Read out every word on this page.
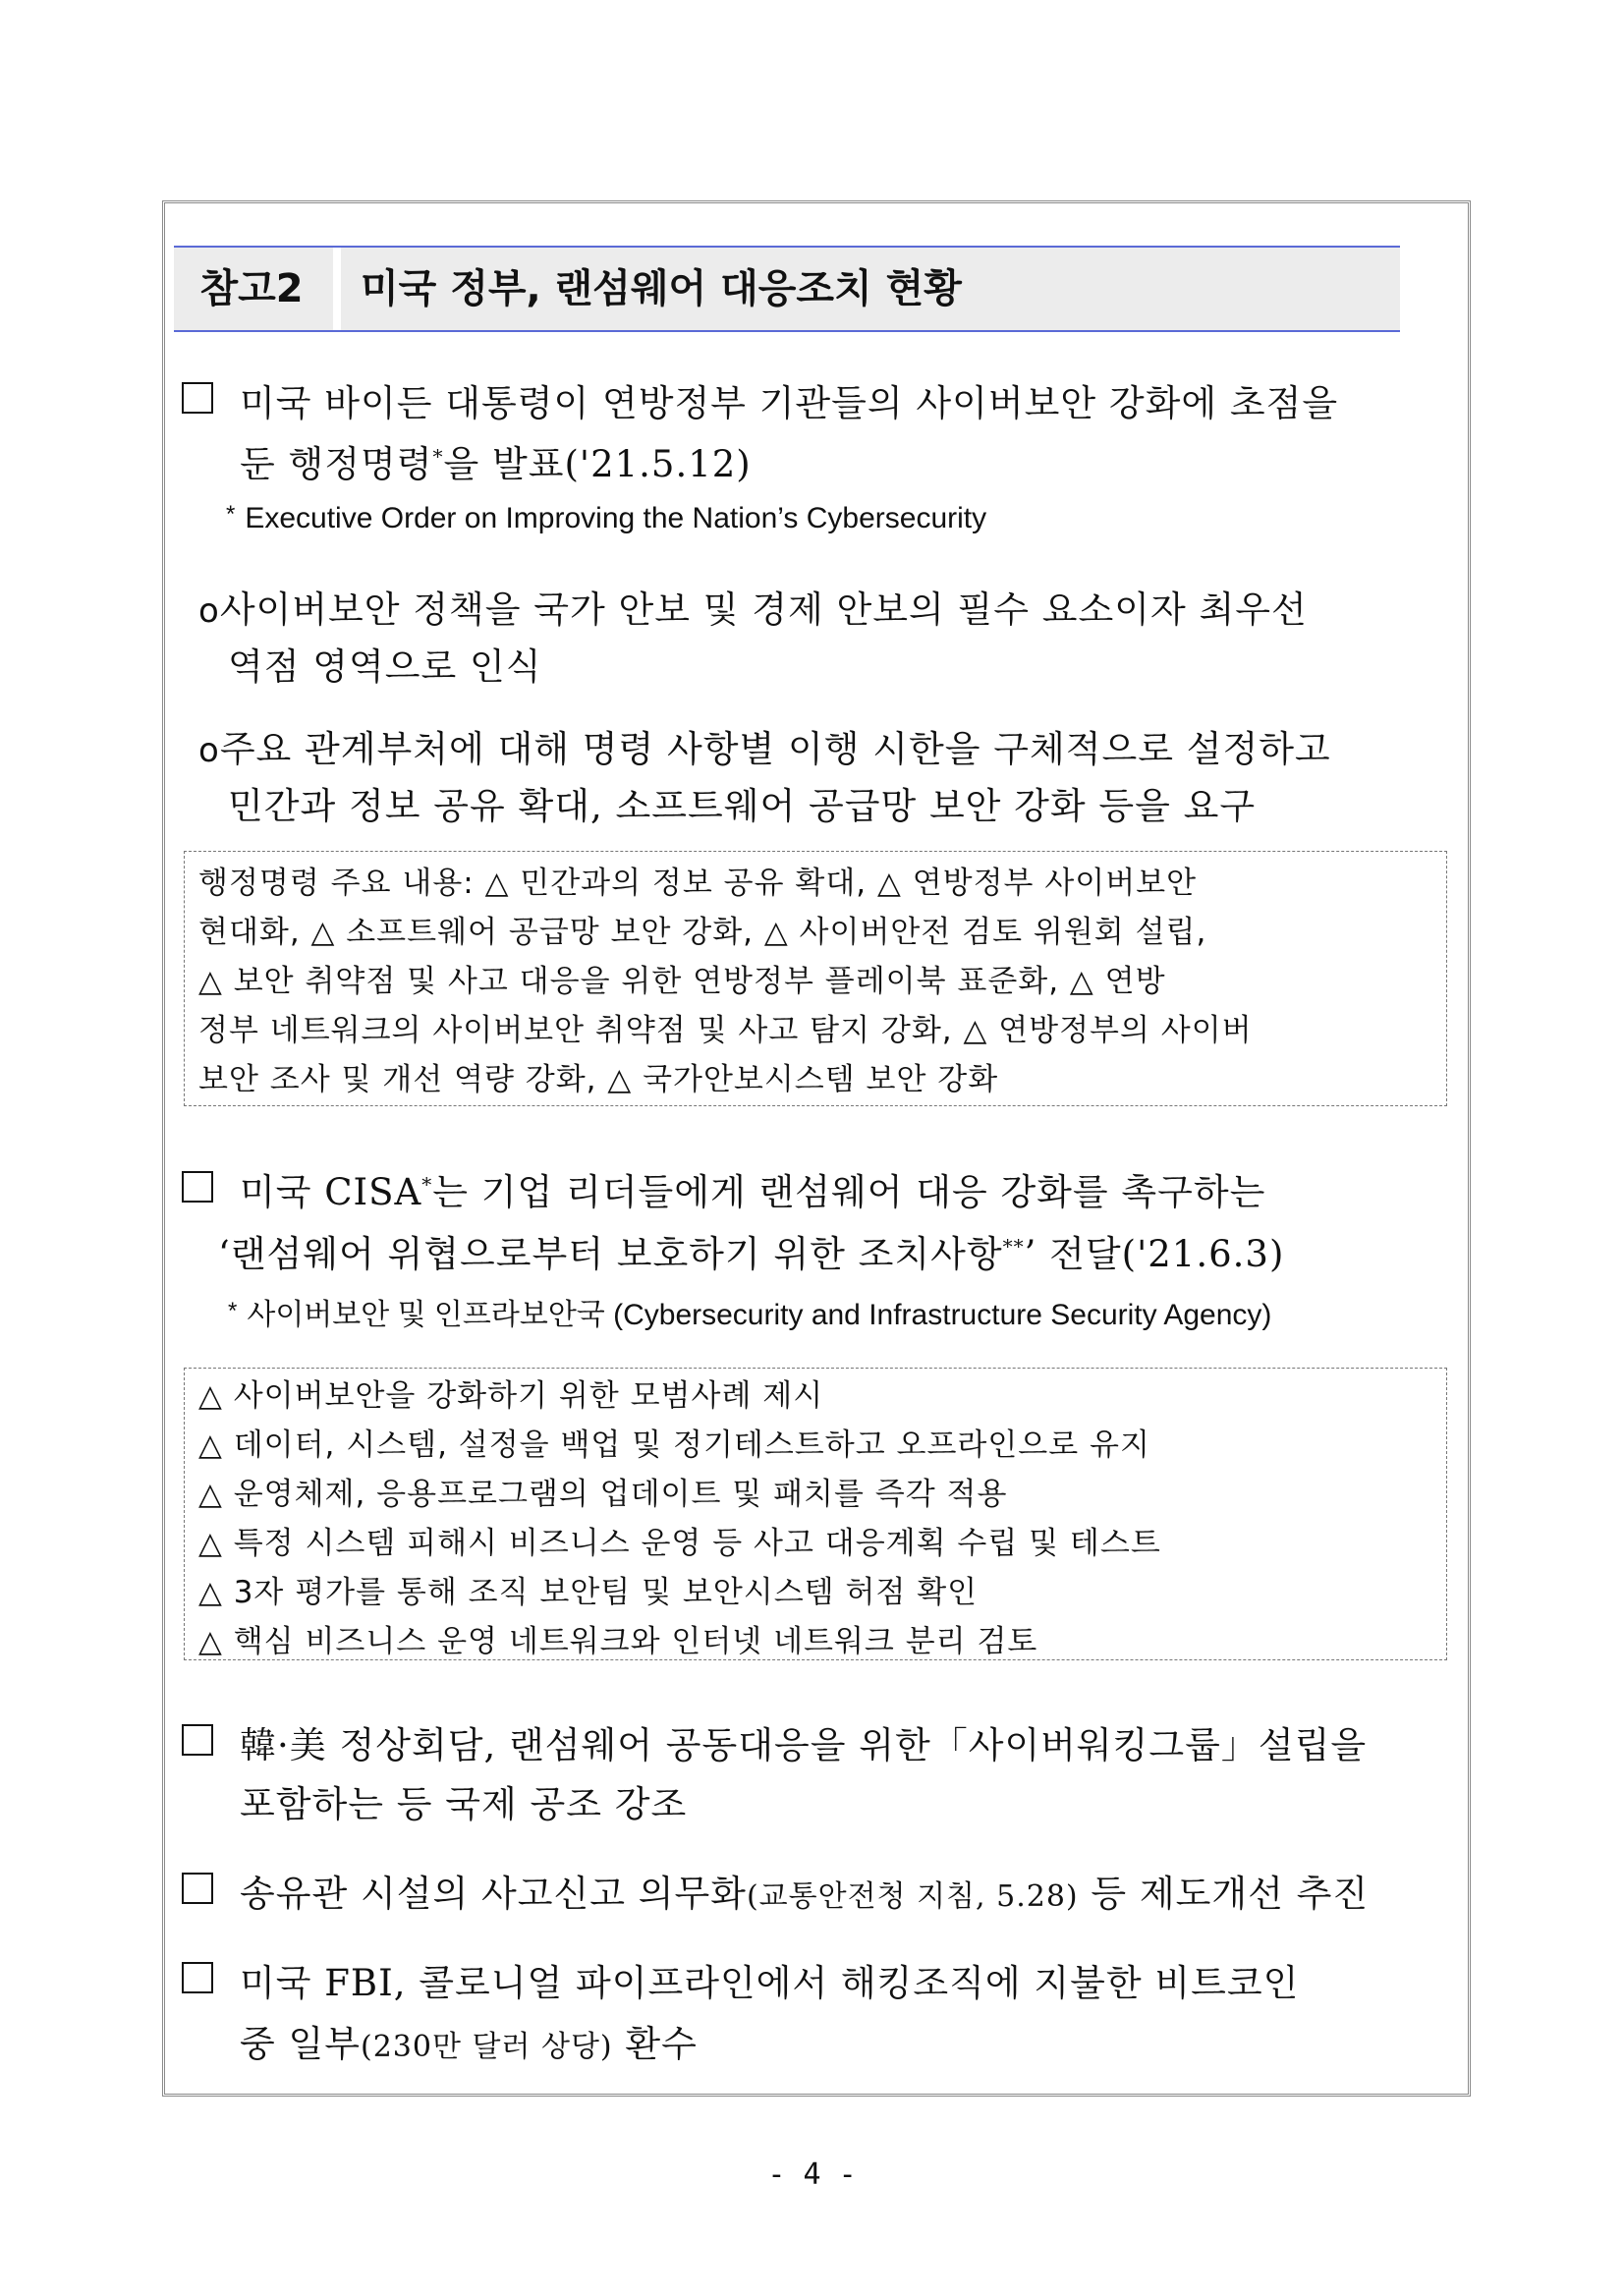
참고2	미국 정부, 랜섬웨어 대응조치 현황
미국 바이든 대통령이 연방정부 기관들의 사이버보안 강화에 초점을
둔 행정명령*을 발표('21.5.12)
* Executive Order on Improving the Nation’s Cybersecurity
o사이버보안 정책을 국가 안보 및 경제 안보의 필수 요소이자 최우선
역점 영역으로 인식
o주요 관계부처에 대해 명령 사항별 이행 시한을 구체적으로 설정하고
민간과 정보 공유 확대, 소프트웨어 공급망 보안 강화 등을 요구
행정명령 주요 내용: △ 민간과의 정보 공유 확대, △ 연방정부 사이버보안
현대화, △ 소프트웨어 공급망 보안 강화, △ 사이버안전 검토 위원회 설립,
△ 보안 취약점 및 사고 대응을 위한 연방정부 플레이북 표준화, △ 연방
정부 네트워크의 사이버보안 취약점 및 사고 탐지 강화, △ 연방정부의 사이버
보안 조사 및 개선 역량 강화, △ 국가안보시스템 보안 강화
미국 CISA*는 기업 리더들에게 랜섬웨어 대응 강화를 촉구하는
‘랜섬웨어 위협으로부터 보호하기 위한 조치사항**’ 전달('21.6.3)
* 사이버보안 및 인프라보안국 (Cybersecurity and Infrastructure Security Agency)
△ 사이버보안을 강화하기 위한 모범사례 제시
△ 데이터, 시스템, 설정을 백업 및 정기테스트하고 오프라인으로 유지
△ 운영체제, 응용프로그램의 업데이트 및 패치를 즉각 적용
△ 특정 시스템 피해시 비즈니스 운영 등 사고 대응계획 수립 및 테스트
△ 3자 평가를 통해 조직 보안팀 및 보안시스템 허점 확인
△ 핵심 비즈니스 운영 네트워크와 인터넷 네트워크 분리 검토
韓·美 정상회담, 랜섬웨어 공동대응을 위한「사이버워킹그룹」설립을
포함하는 등 국제 공조 강조
송유관 시설의 사고신고 의무화(교통안전청 지침, 5.28) 등 제도개선 추진
미국 FBI, 콜로니얼 파이프라인에서 해킹조직에 지불한 비트코인
중 일부(230만 달러 상당) 환수
- 4 -
